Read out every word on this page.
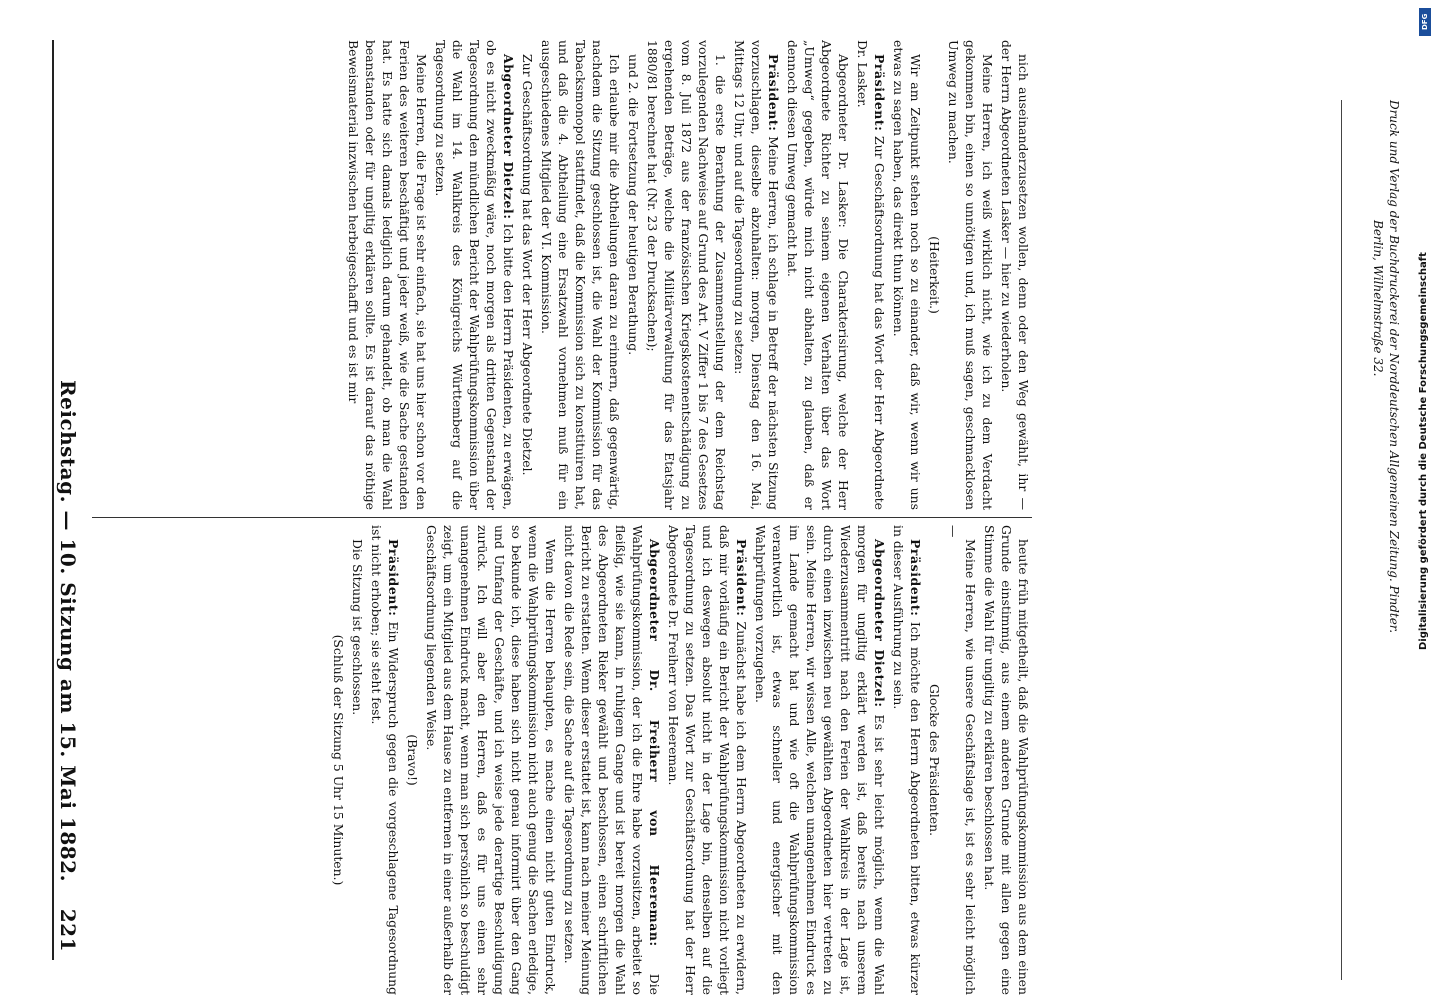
Reichstag. — 10. Sitzung am 15. Mai 1882.
221

nich auseinanderzusetzen wollen, denn oder den Weg gewählt, ihr — der Herrn Abgeordneten Lasker — hier zu wiederholen.

Meine Herren, ich weiß wirklich nicht, wie ich zu dem Verdacht gekommen bin, einen so unnötigen und, ich muß sagen, geschmacklosen Umweg zu machen.

(Heiterkeit.)

Wir am Zeitpunkt stehen noch so zu einander, daß wir, wenn wir uns etwas zu sagen haben, das direkt thun können.

Präsident: Zur Geschäftsordnung hat das Wort der Herr Abgeordnete Dr. Lasker.

Abgeordneter Dr. Lasker: Die Charakterisirung, welche der Herr Abgeordnete Richter zu seinem eigenen Verhalten über das Wort „Umweg“ gegeben, würde mich nicht abhalten, zu glauben, daß er dennoch diesen Umweg gemacht hat.

Präsident: Meine Herren, ich schlage in Betreff der nächsten Sitzung vorzuschlagen, dieselbe abzuhalten: morgen, Dienstag den 16. Mai, Mittags 12 Uhr, und auf die Tagesordnung zu setzen:

1. die erste Berathung der Zusammenstellung der dem Reichstag vorzulegenden Nachweise auf Grund des Art. V Ziffer 1 bis 7 des Gesetzes vom 8. Juli 1872 aus der französischen Kriegskostenentschädigung zu ergehenden Beträge, welche die Militärverwaltung für das Etatsjahr 1880/81 berechnet hat (Nr. 23 der Drucksachen);

und 2. die Fortsetzung der heutigen Berathung.

Ich erlaube mir die Abtheilungen daran zu erinnern, daß gegenwärtig, nachdem die Sitzung geschlossen ist, die Wahl der Kommission für das Tabacksmonopol stattfindet, daß die Kommission sich zu konstituiren hat, und daß die 4. Abtheilung eine Ersatzwahl vornehmen muß für ein ausgeschiedenes Mitglied der VI. Kommission.

Zur Geschäftsordnung hat das Wort der Herr Abgeordnete Dietzel.

Abgeordneter Dietzel: Ich bitte den Herrn Präsidenten, zu erwägen, ob es nicht zweckmäßig wäre, noch morgen als dritten Gegenstand der Tagesordnung den mündlichen Bericht der Wahlprüfungskommission über die Wahl im 14. Wahlkreis des Königreichs Württemberg auf die Tagesordnung zu setzen.

Meine Herren, die Frage ist sehr einfach, sie hat uns hier schon vor den Ferien des weiteren beschäftigt und jeder weiß, wie die Sache gestanden hat. Es hatte sich damals lediglich darum gehandelt, ob man die Wahl beanstanden oder für ungiltig erklären sollte. Es ist darauf das nöthige Beweismaterial inzwischen herbeigeschafft und es ist mir

heute früh mitgetheilt, daß die Wahlprüfungskommission aus dem einen Grunde einstimmig, aus einem anderen Grunde mit allen gegen eine Stimme die Wahl für ungiltig zu erklären beschlossen hat.

Meine Herren, wie unsere Geschäftslage ist, ist es sehr leicht möglich —

Glocke des Präsidenten.

Präsident: Ich möchte den Herrn Abgeordneten bitten, etwas kürzer in dieser Ausführung zu sein.

Abgeordneter Dietzel: Es ist sehr leicht möglich, wenn die Wahl morgen für ungiltig erklärt werden ist, daß bereits nach unserem Wiederzusammentritt nach den Ferien der Wahlkreis in der Lage ist, durch einen inzwischen neu gewählten Abgeordneten hier vertreten zu sein. Meine Herren, wir wissen Alle, welchen unangenehmen Eindruck es im Lande gemacht hat und wie oft die Wahlprüfungskommission verantwortlich ist, etwas schneller und energischer mit den Wahlprüfungen vorzugehen.

Präsident: Zunächst habe ich dem Herrn Abgeordneten zu erwidern, daß mir vorläufig ein Bericht der Wahlprüfungskommission nicht vorliegt und ich deswegen absolut nicht in der Lage bin, denselben auf die Tagesordnung zu setzen. Das Wort zur Geschäftsordnung hat der Herr Abgeordnete Dr. Freiherr von Heereman.

Abgeordneter Dr. Freiherr von Heereman: Die Wahlprüfungskommission, der ich die Ehre habe vorzusitzen, arbeitet so fleißig, wie sie kann, in ruhigem Gange und ist bereit morgen die Wahl des Abgeordneten Rieker gewählt und beschlossen, einen schriftlichen Bericht zu erstatten. Wenn dieser erstattet ist, kann nach meiner Meinung nicht davon die Rede sein, die Sache auf die Tagesordnung zu setzen.

Wenn die Herren behaupten, es mache einen nicht guten Eindruck, wenn die Wahlprüfungskommission nicht auch genug die Sachen erledige, so bekunde ich, diese haben sich nicht genau informirt über den Gang und Umfang der Geschäfte, und ich weise jede derartige Beschuldigung zurück. Ich will aber den Herren, daß es für uns einen sehr unangenehmen Eindruck macht, wenn man sich persönlich so beschuldigt zeigt, um ein Mitglied aus dem Hause zu entfernen in einer außerhalb der Geschäftsordnung liegenden Weise.

(Bravo!)

Präsident: Ein Widerspruch gegen die vorgeschlagene Tagesordnung ist nicht erhoben; sie steht fest.

Die Sitzung ist geschlossen.

(Schluß der Sitzung 5 Uhr 15 Minuten.)

Druck und Verlag der Buchdruckerei der Norddeutschen Allgemeinen Zeitung. Pindter.
Berlin, Wilhelmstraße 32.
DFG
Digitalisierung gefördert durch die Deutsche Forschungsgemeinschaft
